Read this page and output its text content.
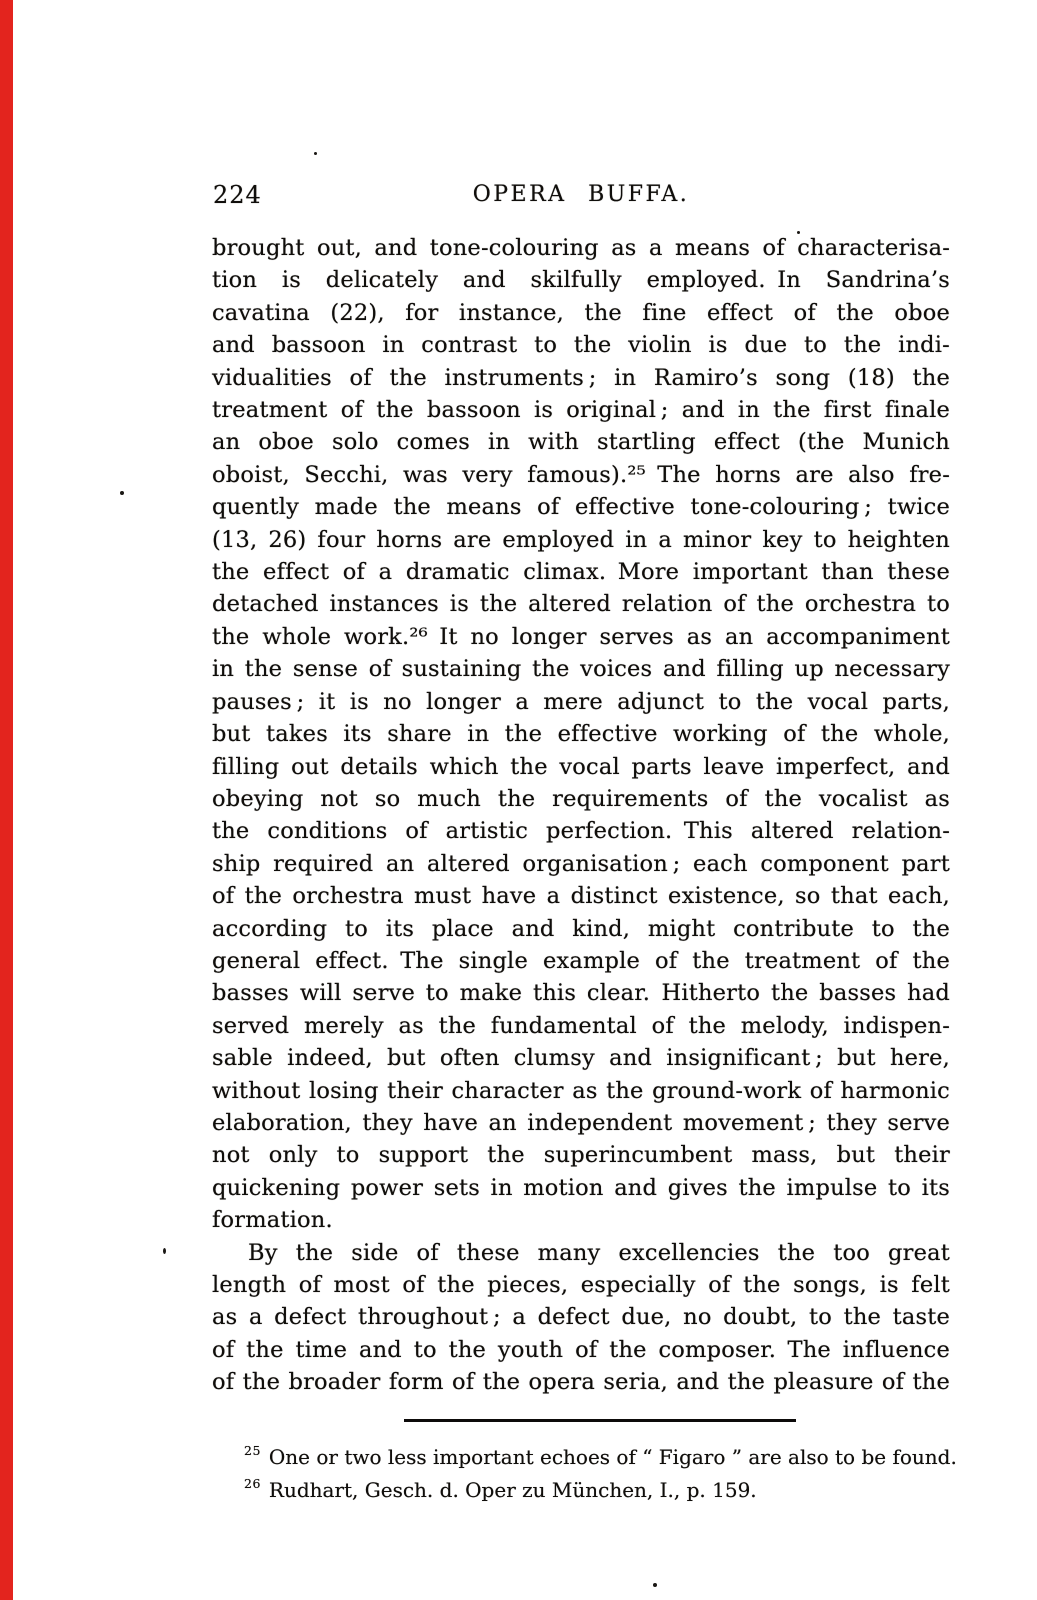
224	OPERA BUFFA.
brought out, and tone-colouring as a means of characterisa-
tion is delicately and skilfully employed. In Sandrina’s
cavatina (22), for instance, the fine effect of the oboe
and bassoon in contrast to the violin is due to the indi-
vidualities of the instruments ; in Ramiro’s song (18) the
treatment of the bassoon is original ; and in the first finale
an oboe solo comes in with startling effect (the Munich
oboist, Secchi, was very famous).²⁵ The horns are also fre-
quently made the means of effective tone-colouring ; twice
(13, 26) four horns are employed in a minor key to heighten
the effect of a dramatic climax. More important than these
detached instances is the altered relation of the orchestra to
the whole work.²⁶ It no longer serves as an accompaniment
in the sense of sustaining the voices and filling up necessary
pauses ; it is no longer a mere adjunct to the vocal parts,
but takes its share in the effective working of the whole,
filling out details which the vocal parts leave imperfect, and
obeying not so much the requirements of the vocalist as
the conditions of artistic perfection. This altered relation-
ship required an altered organisation ; each component part
of the orchestra must have a distinct existence, so that each,
according to its place and kind, might contribute to the
general effect. The single example of the treatment of the
basses will serve to make this clear. Hitherto the basses had
served merely as the fundamental of the melody, indispen-
sable indeed, but often clumsy and insignificant ; but here,
without losing their character as the ground-work of harmonic
elaboration, they have an independent movement ; they serve
not only to support the superincumbent mass, but their
quickening power sets in motion and gives the impulse to its
formation.
By the side of these many excellencies the too great
length of most of the pieces, especially of the songs, is felt
as a defect throughout ; a defect due, no doubt, to the taste
of the time and to the youth of the composer. The influence
of the broader form of the opera seria, and the pleasure of the
$^{25}$ One or two less important echoes of “ Figaro ” are also to be found.
$^{26}$ Rudhart, Gesch. d. Oper zu München, I., p. 159.
